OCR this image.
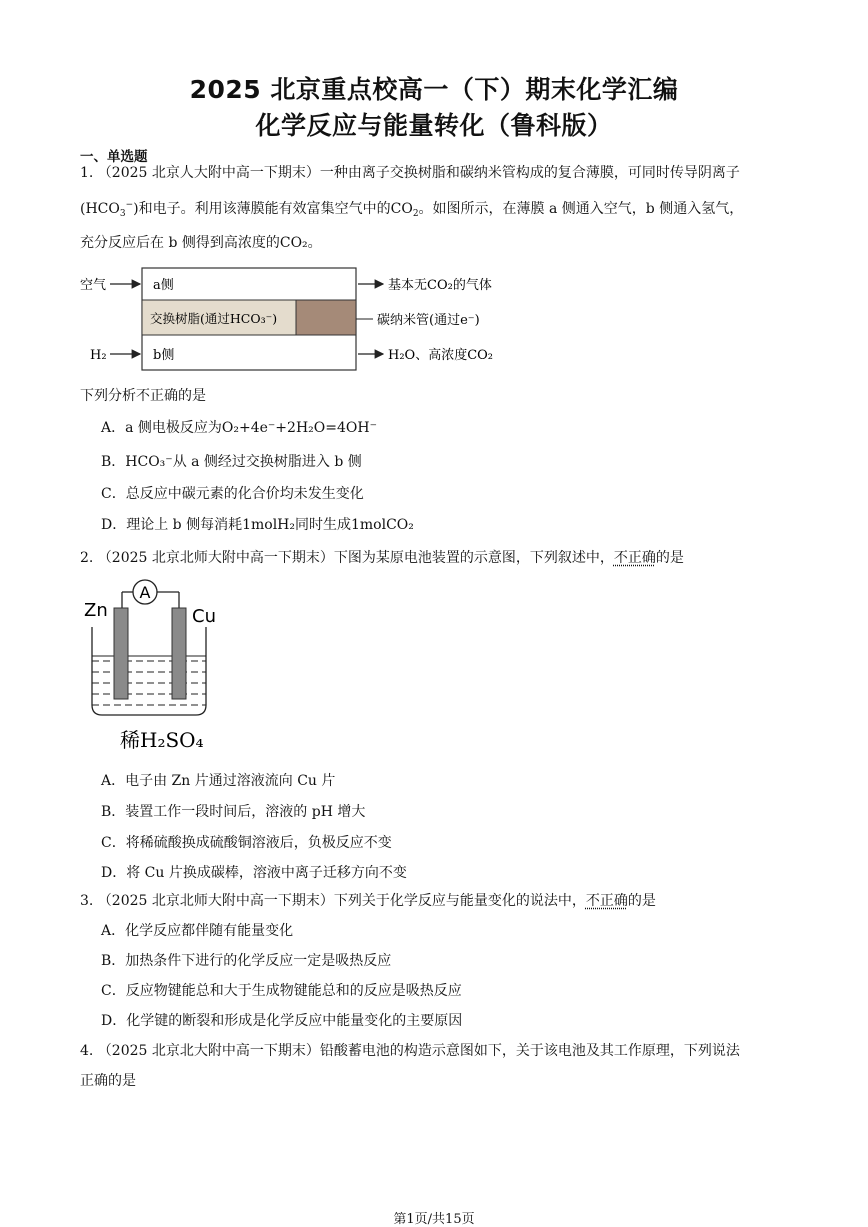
2025 北京重点校高一（下）期末化学汇编
化学反应与能量转化（鲁科版）
一、单选题
1. （2025 北京人大附中高一下期末）一种由离子交换树脂和碳纳米管构成的复合薄膜，可同时传导阴离子
$(HCO_3^-)$和电子。利用该薄膜能有效富集空气中的$CO_2$。如图所示，在薄膜 a 侧通入空气，b 侧通入氢气，
充分反应后在 b 侧得到高浓度的CO₂。
空气	a侧	基本无CO₂的气体
交换树脂(通过HCO₃⁻)	碳纳米管(通过e⁻)
H₂	b侧	H₂O、高浓度CO₂
下列分析不正确的是
A．a 侧电极反应为O₂+4e⁻+2H₂O=4OH⁻
B．HCO₃⁻从 a 侧经过交换树脂进入 b 侧
C．总反应中碳元素的化合价均未发生变化
D．理论上 b 侧每消耗1molH₂同时生成1molCO₂
2. （2025 北京北师大附中高一下期末）下图为某原电池装置的示意图，下列叙述中，不正确的是
A
Zn	Cu
稀H₂SO₄
A．电子由 Zn 片通过溶液流向 Cu 片
B．装置工作一段时间后，溶液的 pH 增大
C．将稀硫酸换成硫酸铜溶液后，负极反应不变
D．将 Cu 片换成碳棒，溶液中离子迁移方向不变
3. （2025 北京北师大附中高一下期末）下列关于化学反应与能量变化的说法中，不正确的是
A．化学反应都伴随有能量变化
B．加热条件下进行的化学反应一定是吸热反应
C．反应物键能总和大于生成物键能总和的反应是吸热反应
D．化学键的断裂和形成是化学反应中能量变化的主要原因
4. （2025 北京北大附中高一下期末）铅酸蓄电池的构造示意图如下，关于该电池及其工作原理，下列说法
正确的是
第1页/共15页
